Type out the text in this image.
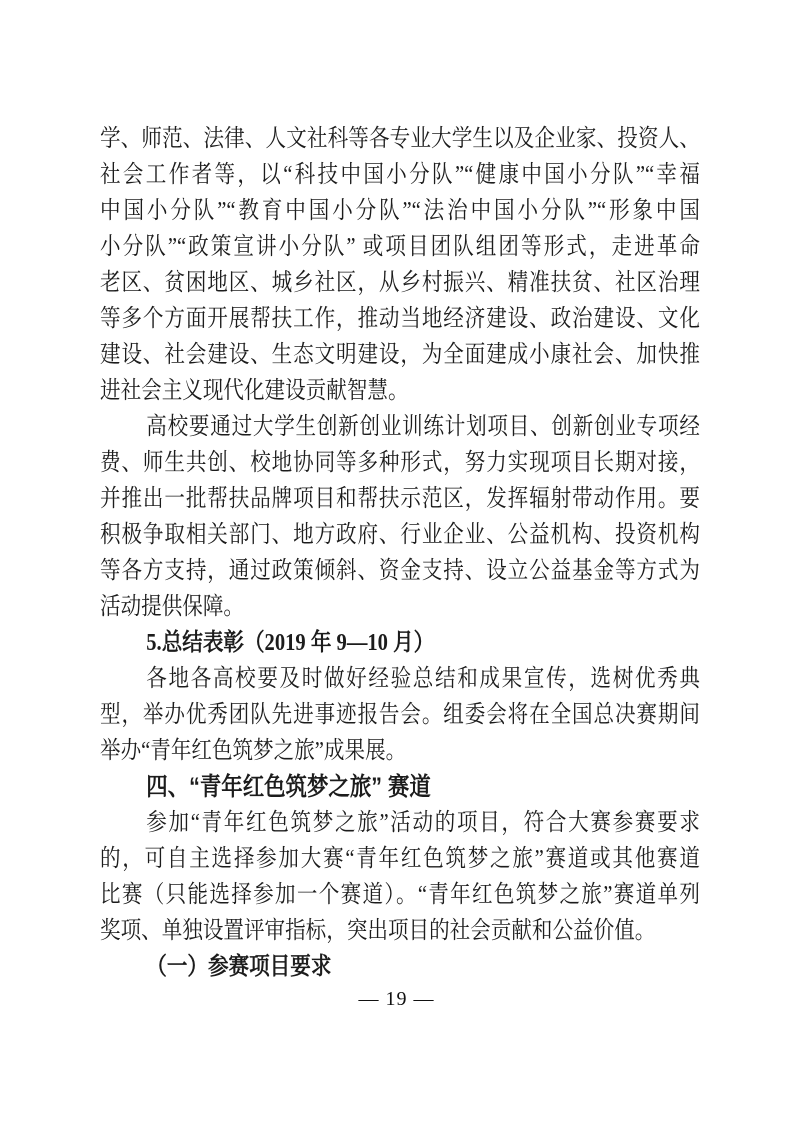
学、师范、法律、人文社科等各专业大学生以及企业家、投资人、
社会工作者等，以“科技中国小分队”“健康中国小分队”“幸福
中国小分队”“教育中国小分队”“法治中国小分队”“形象中国
小分队”“政策宣讲小分队” 或项目团队组团等形式，走进革命
老区、贫困地区、城乡社区，从乡村振兴、精准扶贫、社区治理
等多个方面开展帮扶工作，推动当地经济建设、政治建设、文化
建设、社会建设、生态文明建设，为全面建成小康社会、加快推
进社会主义现代化建设贡献智慧。
高校要通过大学生创新创业训练计划项目、创新创业专项经
费、师生共创、校地协同等多种形式，努力实现项目长期对接，
并推出一批帮扶品牌项目和帮扶示范区，发挥辐射带动作用。要
积极争取相关部门、地方政府、行业企业、公益机构、投资机构
等各方支持，通过政策倾斜、资金支持、设立公益基金等方式为
活动提供保障。
5.总结表彰（2019 年 9—10 月）
各地各高校要及时做好经验总结和成果宣传，选树优秀典
型，举办优秀团队先进事迹报告会。组委会将在全国总决赛期间
举办“青年红色筑梦之旅”成果展。
四、“青年红色筑梦之旅” 赛道
参加“青年红色筑梦之旅”活动的项目，符合大赛参赛要求
的，可自主选择参加大赛“青年红色筑梦之旅”赛道或其他赛道
比赛（只能选择参加一个赛道）。“青年红色筑梦之旅”赛道单列
奖项、单独设置评审指标，突出项目的社会贡献和公益价值。
（一）参赛项目要求
— 19 —
